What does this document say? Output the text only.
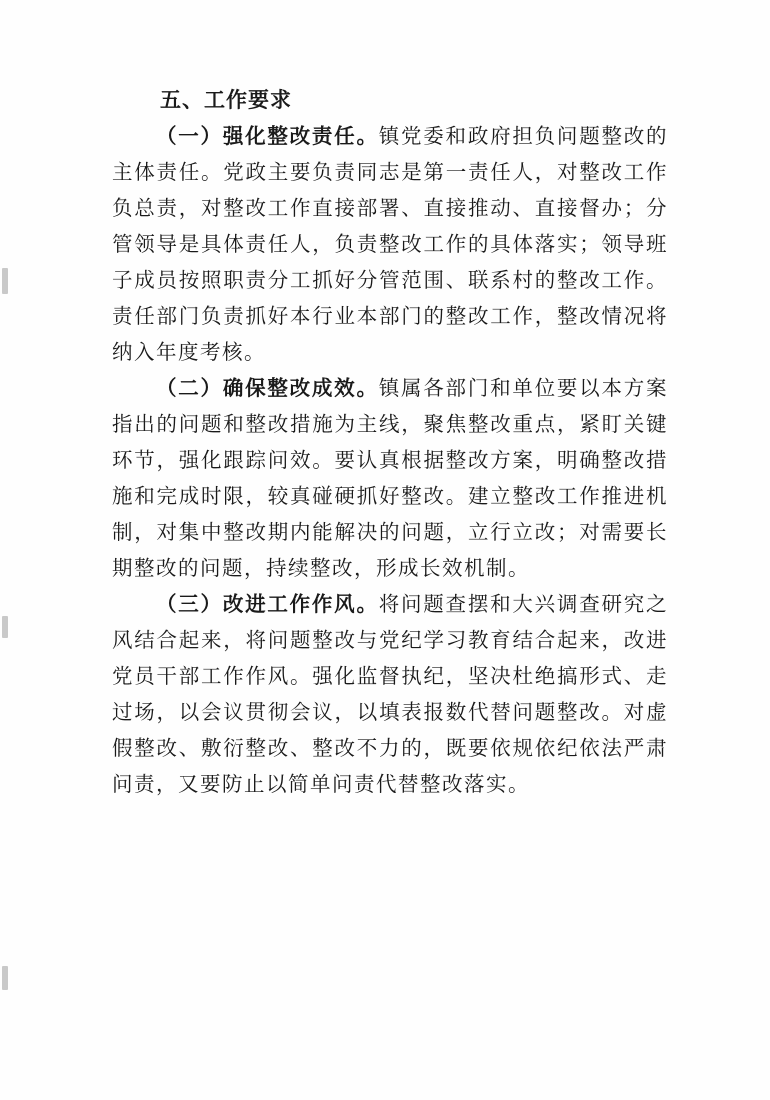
五、工作要求

（一）强化整改责任。镇党委和政府担负问题整改的主体责任。党政主要负责同志是第一责任人，对整改工作负总责，对整改工作直接部署、直接推动、直接督办；分管领导是具体责任人，负责整改工作的具体落实；领导班子成员按照职责分工抓好分管范围、联系村的整改工作。责任部门负责抓好本行业本部门的整改工作，整改情况将纳入年度考核。

（二）确保整改成效。镇属各部门和单位要以本方案指出的问题和整改措施为主线，聚焦整改重点，紧盯关键环节，强化跟踪问效。要认真根据整改方案，明确整改措施和完成时限，较真碰硬抓好整改。建立整改工作推进机制，对集中整改期内能解决的问题，立行立改；对需要长期整改的问题，持续整改，形成长效机制。

（三）改进工作作风。将问题查摆和大兴调查研究之风结合起来，将问题整改与党纪学习教育结合起来，改进党员干部工作作风。强化监督执纪，坚决杜绝搞形式、走过场，以会议贯彻会议，以填表报数代替问题整改。对虚假整改、敷衍整改、整改不力的，既要依规依纪依法严肃问责，又要防止以简单问责代替整改落实。
